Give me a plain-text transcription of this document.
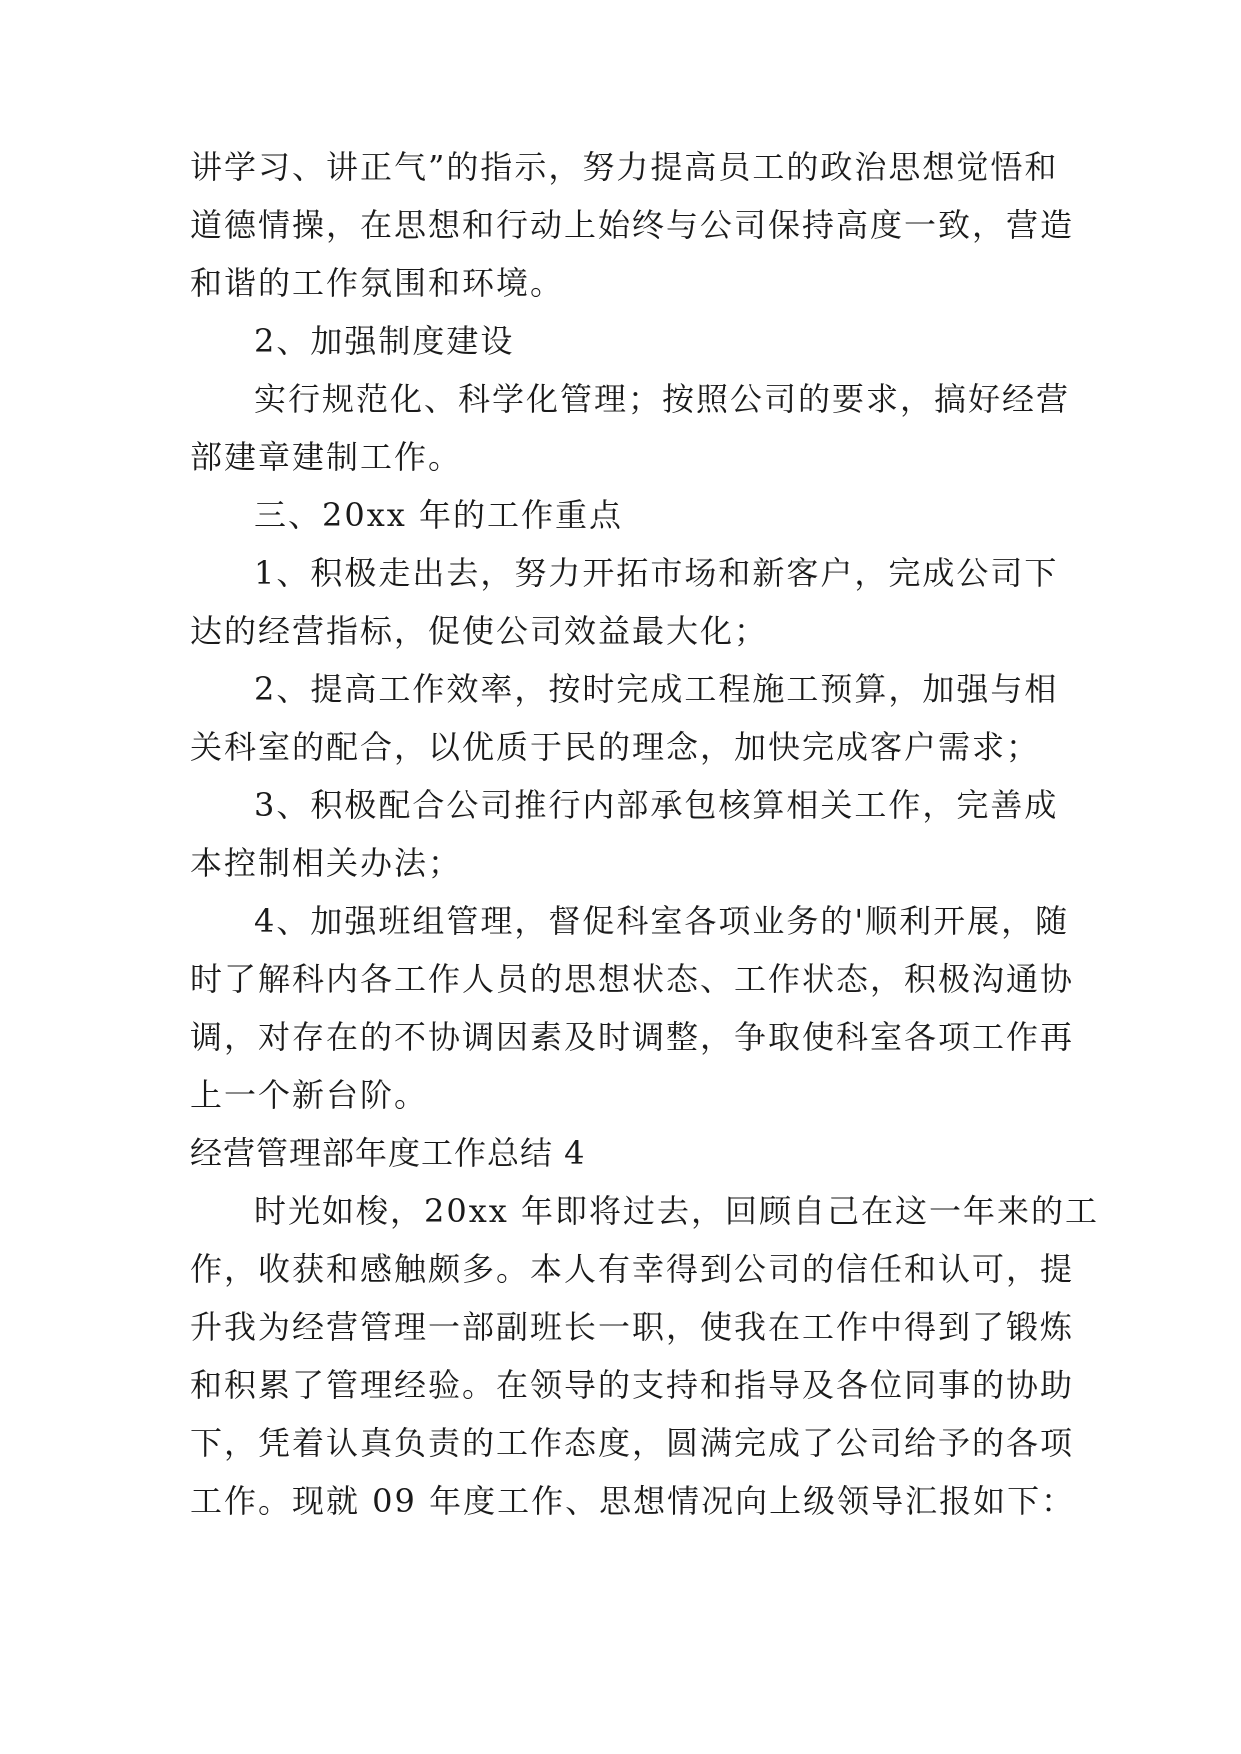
讲学习、讲正气”的指示，努力提高员工的政治思想觉悟和
道德情操，在思想和行动上始终与公司保持高度一致，营造
和谐的工作氛围和环境。
2、加强制度建设
实行规范化、科学化管理；按照公司的要求，搞好经营
部建章建制工作。
三、20xx 年的工作重点
1、积极走出去，努力开拓市场和新客户，完成公司下
达的经营指标，促使公司效益最大化；
2、提高工作效率，按时完成工程施工预算，加强与相
关科室的配合，以优质于民的理念，加快完成客户需求；
3、积极配合公司推行内部承包核算相关工作，完善成
本控制相关办法；
4、加强班组管理，督促科室各项业务的'顺利开展，随
时了解科内各工作人员的思想状态、工作状态，积极沟通协
调，对存在的不协调因素及时调整，争取使科室各项工作再
上一个新台阶。
经营管理部年度工作总结 4
时光如梭，20xx 年即将过去，回顾自己在这一年来的工
作，收获和感触颇多。本人有幸得到公司的信任和认可，提
升我为经营管理一部副班长一职，使我在工作中得到了锻炼
和积累了管理经验。在领导的支持和指导及各位同事的协助
下，凭着认真负责的工作态度，圆满完成了公司给予的各项
工作。现就 09 年度工作、思想情况向上级领导汇报如下：
